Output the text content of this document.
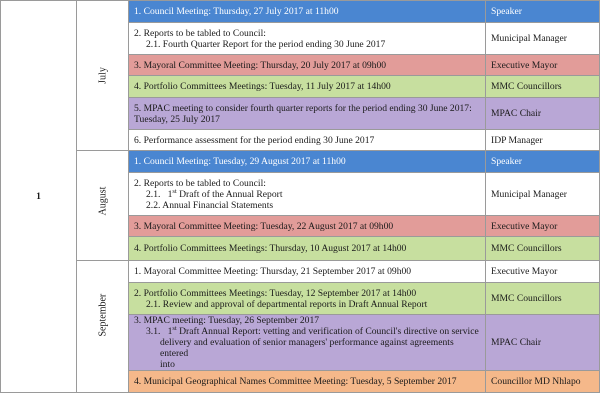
1	July	1. Council Meeting: Thursday, 27 July 2017 at 11h00	Speaker

		2. Reports to be tabled to Council:
2.1. Fourth Quarter Report for the period ending 30 June 2017	Municipal Manager
		3. Mayoral Committee Meeting: Thursday, 20 July 2017 at 09h00	Executive Mayor
		4. Portfolio Committees Meetings: Tuesday, 11 July 2017 at 14h00	MMC Councillors

		5. MPAC meeting to consider fourth quarter reports for the period ending 30 June 2017:
Tuesday, 25 July 2017	MPAC Chair
		6. Performance assessment for the period ending 30 June 2017	IDP Manager

	August	1. Council Meeting: Tuesday, 29 August 2017 at 11h00	Speaker

		2. Reports to be tabled to Council:
2.1. 1st Draft of the Annual Report
2.2. Annual Financial Statements	Municipal Manager
		3. Mayoral Committee Meeting: Tuesday, 22 August 2017 at 09h00	Executive Mayor
		4. Portfolio Committees Meetings: Thursday, 10 August 2017 at 14h00	MMC Councillors

	September	1. Mayoral Committee Meeting: Thursday, 21 September 2017 at 09h00	Executive Mayor

		2. Portfolio Committees Meetings: Tuesday, 12 September 2017 at 14h00
2.1. Review and approval of departmental reports in Draft Annual Report	MMC Councillors

		3. MPAC meeting: Tuesday, 26 September 2017
3.1. 1st Draft Annual Report: vetting and verification of Council's directive on service
delivery and evaluation of senior managers' performance against agreements entered
into	MPAC Chair
		4. Municipal Geographical Names Committee Meeting: Tuesday, 5 September 2017	Councillor MD Nhlapo
